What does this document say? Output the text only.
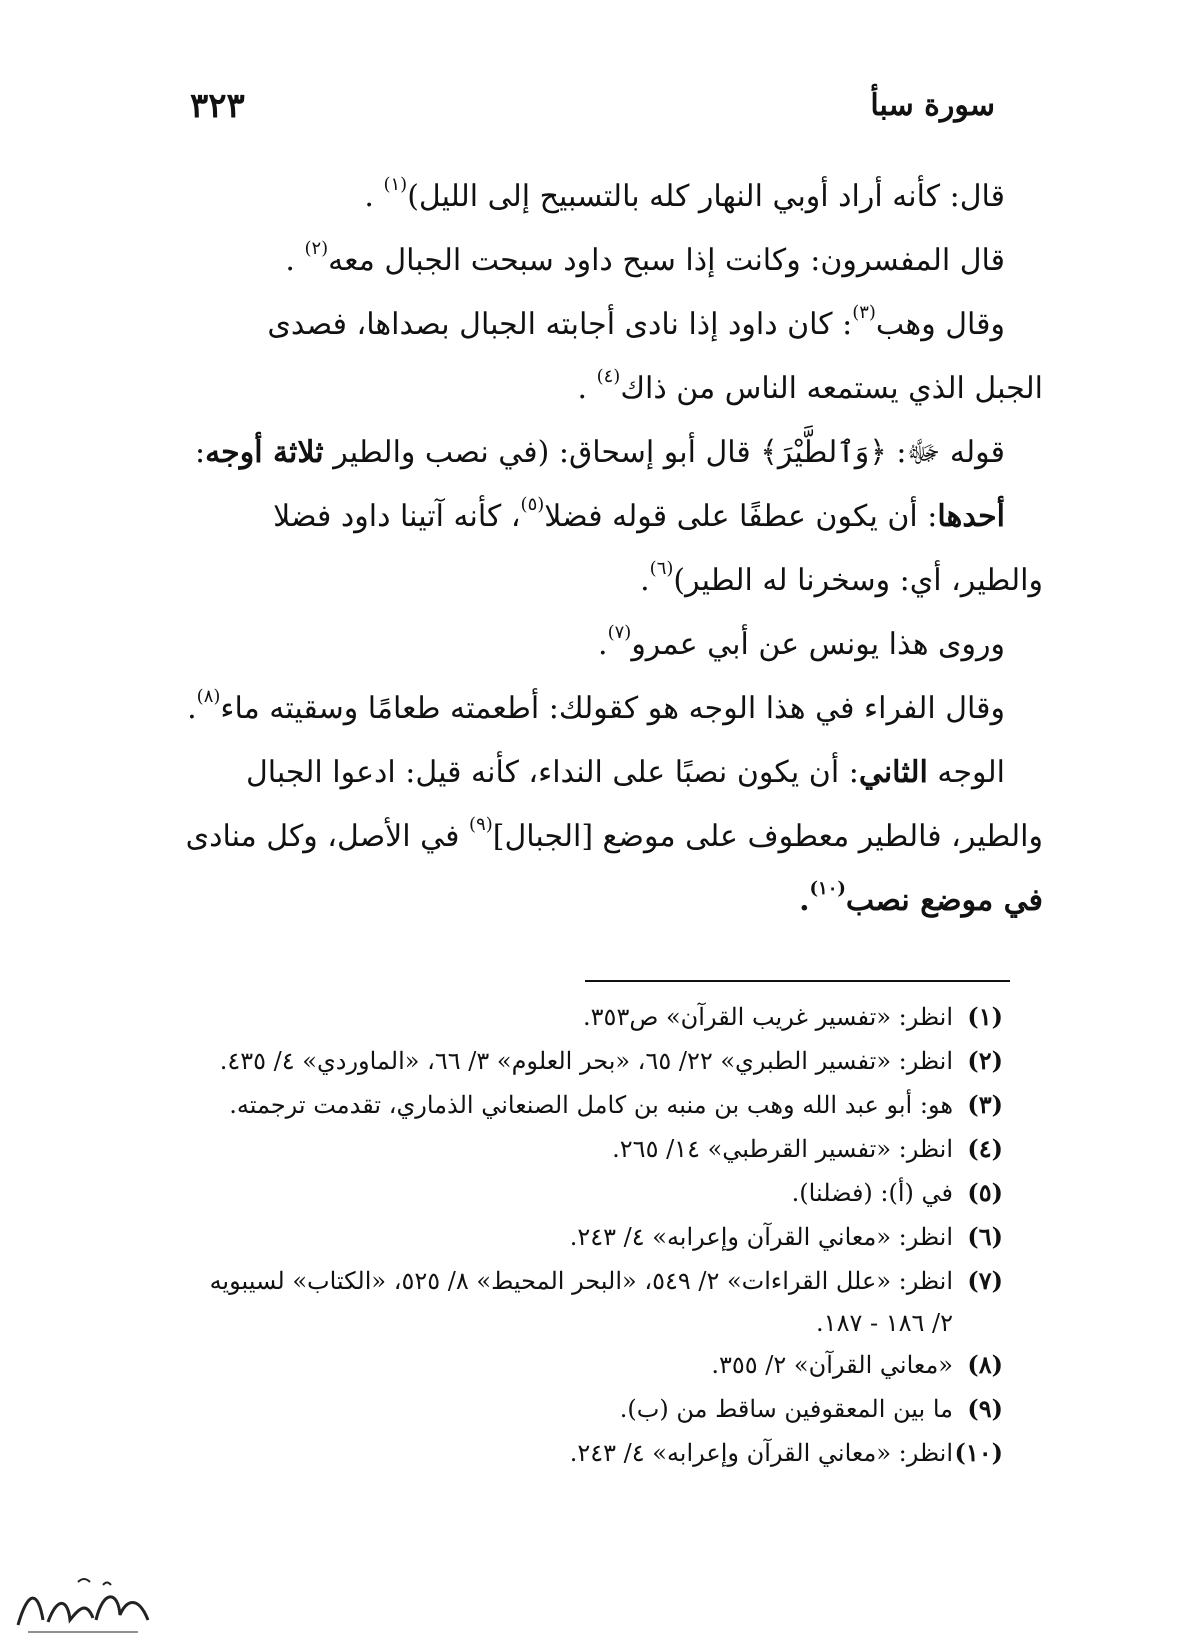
سورة سبأ
٣٢٣
قال: كأنه أراد أوبي النهار كله بالتسبيح إلى الليل)$^{(١)}$ .
قال المفسرون: وكانت إذا سبح داود سبحت الجبال معه$^{(٢)}$ .
وقال وهب$^{(٣)}$: كان داود إذا نادى أجابته الجبال بصداها، فصدى
الجبل الذي يستمعه الناس من ذاك$^{(٤)}$ .
قوله ﷻ: ﴿وَٱلطَّيْرَ﴾ قال أبو إسحاق: (في نصب والطير ثلاثة أوجه:
أحدها: أن يكون عطفًا على قوله فضلا$^{(٥)}$، كأنه آتينا داود فضلا
والطير، أي: وسخرنا له الطير)$^{(٦)}$.
وروى هذا يونس عن أبي عمرو$^{(٧)}$.
وقال الفراء في هذا الوجه هو كقولك: أطعمته طعامًا وسقيته ماء$^{(٨)}$.
الوجه الثاني: أن يكون نصبًا على النداء، كأنه قيل: ادعوا الجبال
والطير، فالطير معطوف على موضع [الجبال]$^{(٩)}$ في الأصل، وكل منادى
في موضع نصب$^{(١٠)}$.
(١)
انظر: «تفسير غريب القرآن» ص٣٥٣.
(٢)
انظر: «تفسير الطبري» ٢٢/ ٦٥، «بحر العلوم» ٣/ ٦٦، «الماوردي» ٤/ ٤٣٥.
(٣)
هو: أبو عبد الله وهب بن منبه بن كامل الصنعاني الذماري، تقدمت ترجمته.
(٤)
انظر: «تفسير القرطبي» ١٤/ ٢٦٥.
(٥)
في (أ): (فضلنا).
(٦)
انظر: «معاني القرآن وإعرابه» ٤/ ٢٤٣.
(٧)
انظر: «علل القراءات» ٢/ ٥٤٩، «البحر المحيط» ٨/ ٥٢٥، «الكتاب» لسيبويه
٢/ ١٨٦ - ١٨٧.
(٨)
«معاني القرآن» ٢/ ٣٥٥.
(٩)
ما بين المعقوفين ساقط من (ب).
(١٠)
انظر: «معاني القرآن وإعرابه» ٤/ ٢٤٣.
